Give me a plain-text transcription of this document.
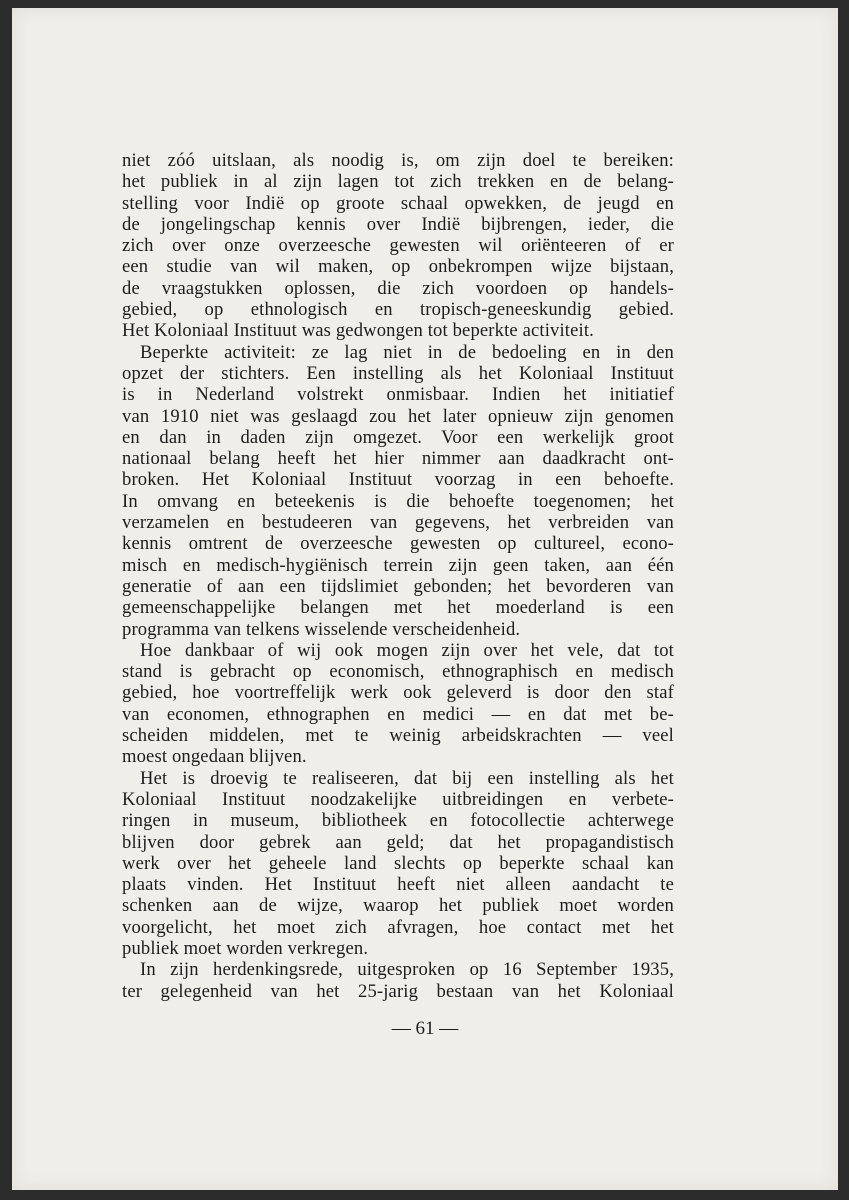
niet zóó uitslaan, als noodig is, om zijn doel te bereiken:
het publiek in al zijn lagen tot zich trekken en de belang-
stelling voor Indië op groote schaal opwekken, de jeugd en
de jongelingschap kennis over Indië bijbrengen, ieder, die
zich over onze overzeesche gewesten wil oriënteeren of er
een studie van wil maken, op onbekrompen wijze bijstaan,
de vraagstukken oplossen, die zich voordoen op handels-
gebied, op ethnologisch en tropisch-geneeskundig gebied.
Het Koloniaal Instituut was gedwongen tot beperkte activiteit.
Beperkte activiteit: ze lag niet in de bedoeling en in den
opzet der stichters. Een instelling als het Koloniaal Instituut
is in Nederland volstrekt onmisbaar. Indien het initiatief
van 1910 niet was geslaagd zou het later opnieuw zijn genomen
en dan in daden zijn omgezet. Voor een werkelijk groot
nationaal belang heeft het hier nimmer aan daadkracht ont-
broken. Het Koloniaal Instituut voorzag in een behoefte.
In omvang en beteekenis is die behoefte toegenomen; het
verzamelen en bestudeeren van gegevens, het verbreiden van
kennis omtrent de overzeesche gewesten op cultureel, econo-
misch en medisch-hygiënisch terrein zijn geen taken, aan één
generatie of aan een tijdslimiet gebonden; het bevorderen van
gemeenschappelijke belangen met het moederland is een
programma van telkens wisselende verscheidenheid.
Hoe dankbaar of wij ook mogen zijn over het vele, dat tot
stand is gebracht op economisch, ethnographisch en medisch
gebied, hoe voortreffelijk werk ook geleverd is door den staf
van economen, ethnographen en medici — en dat met be-
scheiden middelen, met te weinig arbeidskrachten — veel
moest ongedaan blijven.
Het is droevig te realiseeren, dat bij een instelling als het
Koloniaal Instituut noodzakelijke uitbreidingen en verbete-
ringen in museum, bibliotheek en fotocollectie achterwege
blijven door gebrek aan geld; dat het propagandistisch
werk over het geheele land slechts op beperkte schaal kan
plaats vinden. Het Instituut heeft niet alleen aandacht te
schenken aan de wijze, waarop het publiek moet worden
voorgelicht, het moet zich afvragen, hoe contact met het
publiek moet worden verkregen.
In zijn herdenkingsrede, uitgesproken op 16 September 1935,
ter gelegenheid van het 25-jarig bestaan van het Koloniaal
— 61 —
